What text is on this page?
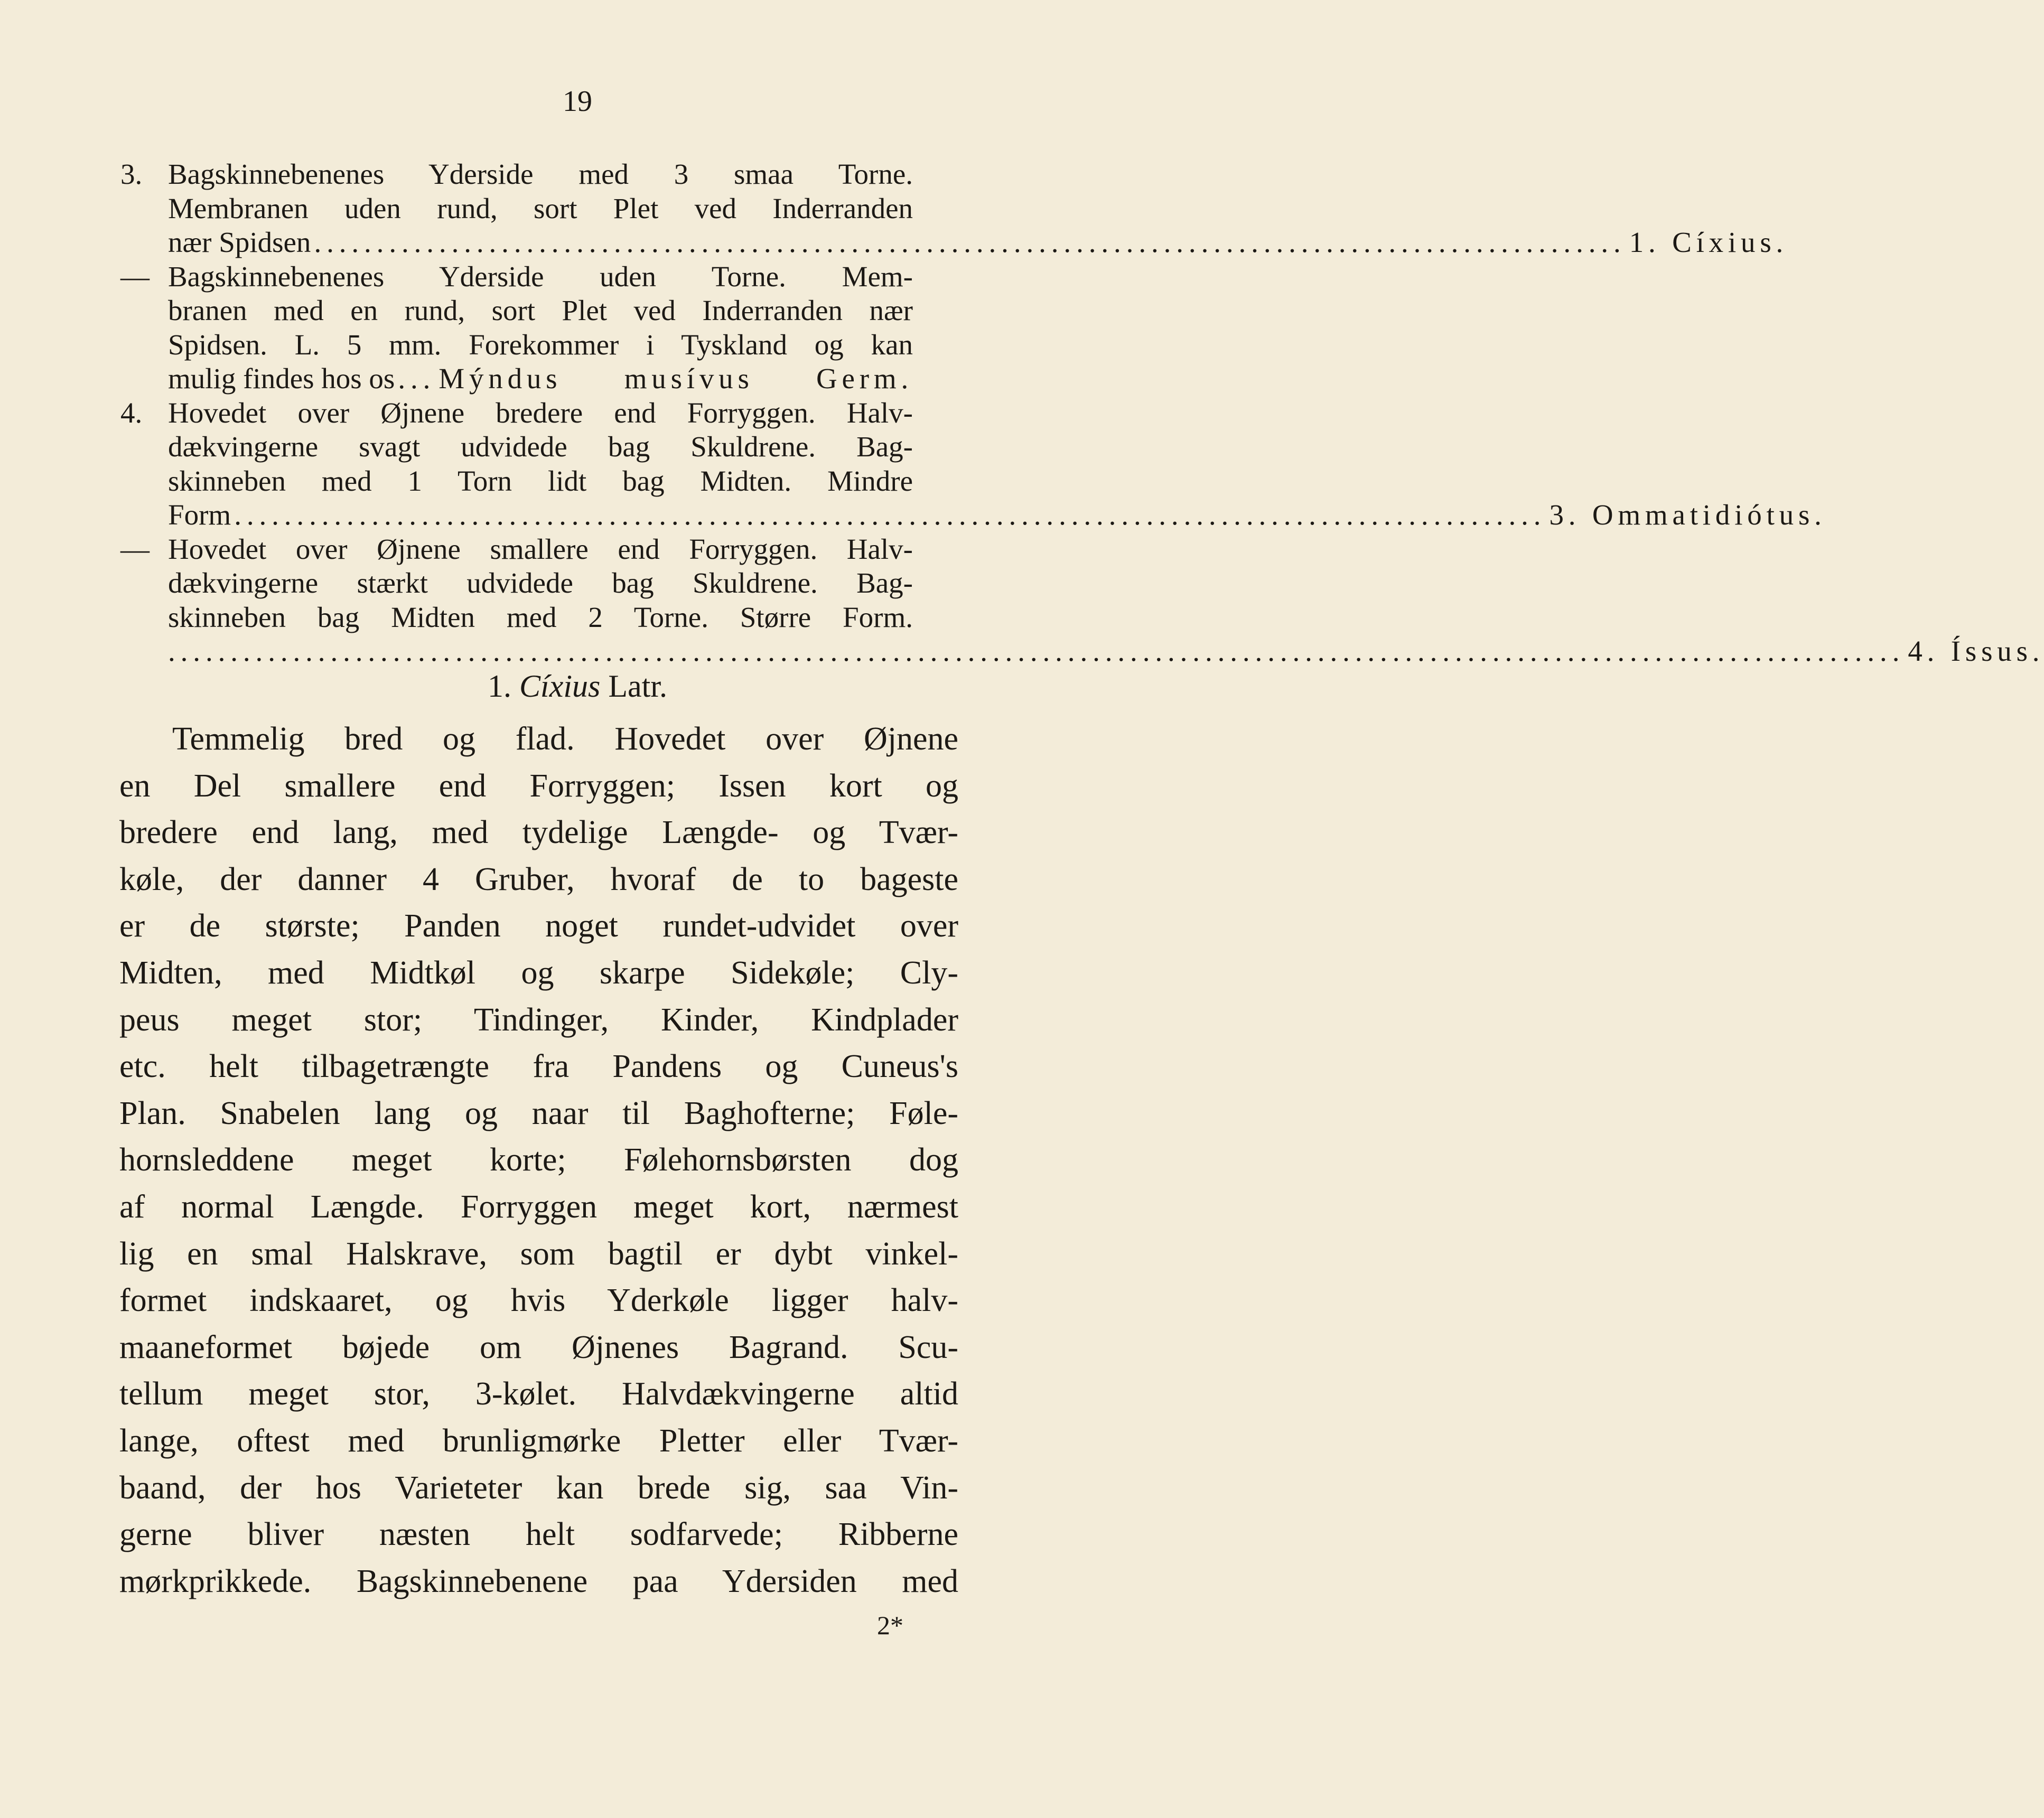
19
3. Bagskinnebenenes Yderside med 3 smaa Torne.
Membranen uden rund, sort Plet ved Inderranden
nær Spidsen ......................................................................................................... 1. Cíxius.
— Bagskinnebenenes Yderside uden Torne. Mem-
branen med en rund, sort Plet ved Inderranden nær
Spidsen. L. 5 mm. Forekommer i Tyskland og kan
mulig findes hos os ... Mýndus musívus Germ.
4. Hovedet over Øjnene bredere end Forryggen. Halv-
dækvingerne svagt udvidede bag Skuldrene. Bag-
skinneben med 1 Torn lidt bag Midten. Mindre
Form ......................................................................................................... 3. Ommatidiótus.
— Hovedet over Øjnene smallere end Forryggen. Halv-
dækvingerne stærkt udvidede bag Skuldrene. Bag-
skinneben bag Midten med 2 Torne. Større Form.
........................................................................................................................................... 4. Íssus.
1. Cíxius Latr.
Temmelig bred og flad. Hovedet over Øjnene
en Del smallere end Forryggen; Issen kort og
bredere end lang, med tydelige Længde- og Tvær-
køle, der danner 4 Gruber, hvoraf de to bageste
er de største; Panden noget rundet-udvidet over
Midten, med Midtkøl og skarpe Sidekøle; Cly-
peus meget stor; Tindinger, Kinder, Kindplader
etc. helt tilbagetrængte fra Pandens og Cuneus's
Plan. Snabelen lang og naar til Baghofterne; Føle-
hornsleddene meget korte; Følehornsbørsten dog
af normal Længde. Forryggen meget kort, nærmest
lig en smal Halskrave, som bagtil er dybt vinkel-
formet indskaaret, og hvis Yderkøle ligger halv-
maaneformet bøjede om Øjnenes Bagrand. Scu-
tellum meget stor, 3-kølet. Halvdækvingerne altid
lange, oftest med brunligmørke Pletter eller Tvær-
baand, der hos Varieteter kan brede sig, saa Vin-
gerne bliver næsten helt sodfarvede; Ribberne
mørkprikkede. Bagskinnebenene paa Ydersiden med
2*
